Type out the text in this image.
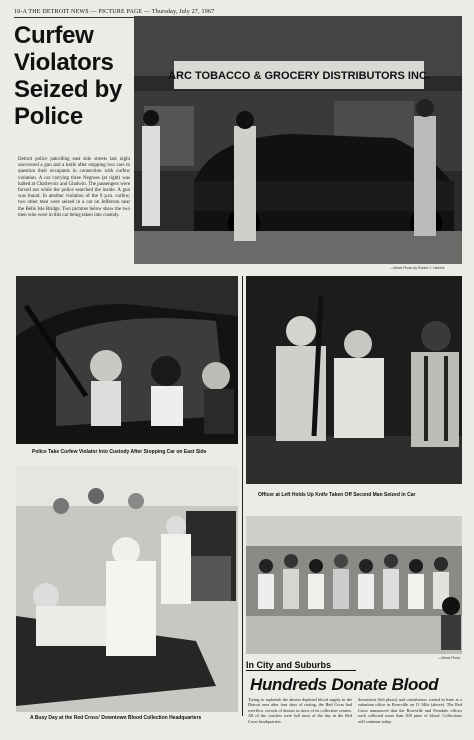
10-A THE DETROIT NEWS — PICTURE PAGE — Thursday, July 27, 1967
Curfew
Violators
Seized by
Police
Detroit police patrolling east side streets last night uncovered a gun and a knife after stopping two cars to question their occupants in connection with curfew violation. A car carrying three Negroes (at right) was halted at Charlevoix and Gladwin. The passengers were forced out while the police searched the inside. A gun was found. In another violation of the 9 p.m. curfew, two other men were seized in a car on Jefferson near the Belle Isle Bridge. Two pictures below show the two men who were in this car being taken into custody.
ARC TOBACCO & GROCERY DISTRIBUTORS INC.
—News Photo by Robert J. Nickels
Police Take Curfew Violator Into Custody After Stopping Car on East Side
Officer at Left Holds Up Knife Taken Off Second Man Seized in Car
A Busy Day at the Red Cross' Downtown Blood Collection Headquarters
—News Photo
In City and Suburbs
Hundreds Donate Blood
Trying to replenish the almost depleted blood supply in the Detroit area after four days of rioting, the Red Cross had overflow crowds of donors in most of its collection centers. All of the couches were full most of the day in the Red Cross headquarters
downtown (left photo) and contributors waited in lines at a suburban office in Roseville on 11 Mile (above). The Red Cross announced that the Roseville and Ferndale offices each collected more than 500 pints of blood. Collections will continue today.
